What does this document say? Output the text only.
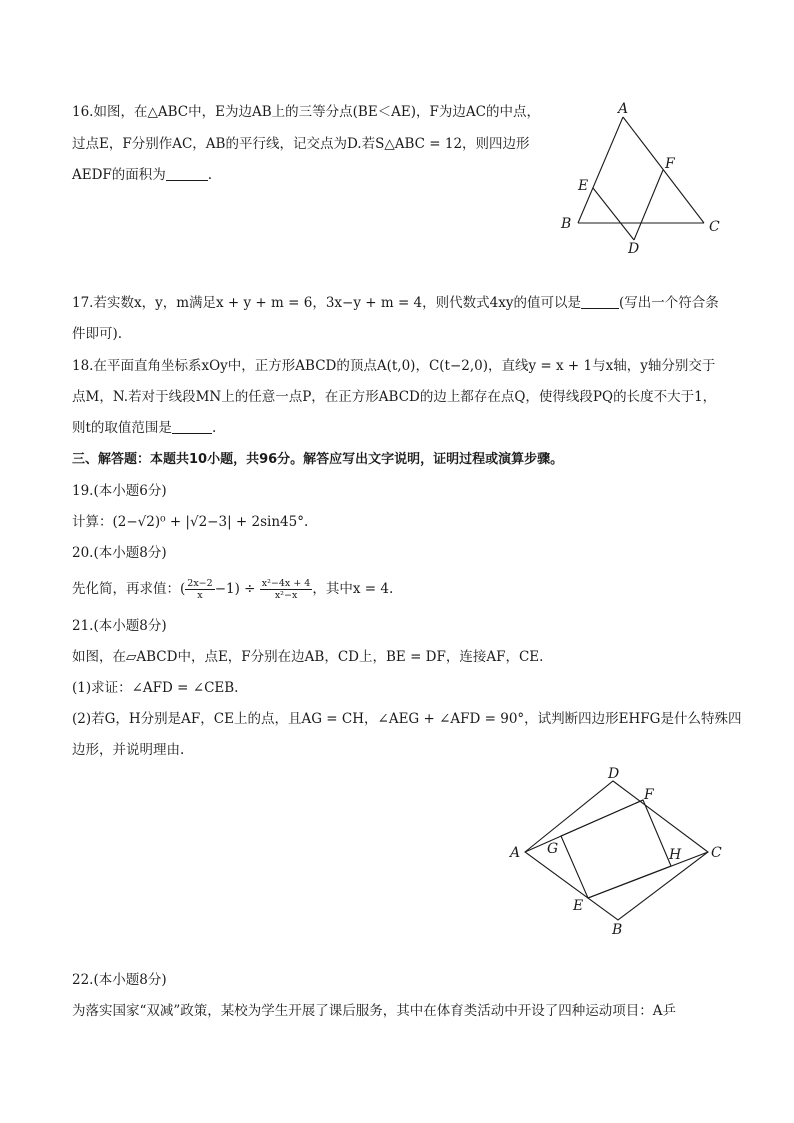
16.如图，在△ABC中，E为边AB上的三等分点(BE＜AE)，F为边AC的中点，
过点E，F分别作AC，AB的平行线，记交点为D.若S△ABC = 12，则四边形
AEDF的面积为	.
A
B	C
D
E
F
17.若实数x，y，m满足x + y + m = 6，3x−y + m = 4，则代数式4xy的值可以是	(写出一个符合条
件即可).
18.在平面直角坐标系xOy中，正方形ABCD的顶点A(t,0)，C(t−2,0)，直线y = x + 1与x轴，y轴分别交于
点M，N.若对于线段MN上的任意一点P，在正方形ABCD的边上都存在点Q，使得线段PQ的长度不大于1，
则t的取值范围是	.
三、解答题：本题共10小题，共96分。解答应写出文字说明，证明过程或演算步骤。
19.(本小题6分)
计算：(2−√2)⁰ + |√2−3| + 2sin45°.
20.(本小题8分)
先化简，再求值：( $\frac{2x-2}{x} -1) \div \frac{\text{x²−4x + 4}}{\text{x²−x}}$ ，其中x = 4.
21.(本小题8分)
如图，在▱ABCD中，点E，F分别在边AB，CD上，BE = DF，连接AF，CE.
(1)求证：∠AFD = ∠CEB.
(2)若G，H分别是AF，CE上的点，且AG = CH，∠AEG + ∠AFD = 90°，试判断四边形EHFG是什么特殊四
边形，并说明理由.
A
B
C
D
E
F
G	H
22.(本小题8分)
为落实国家“双减”政策，某校为学生开展了课后服务，其中在体育类活动中开设了四种运动项目：A乒
